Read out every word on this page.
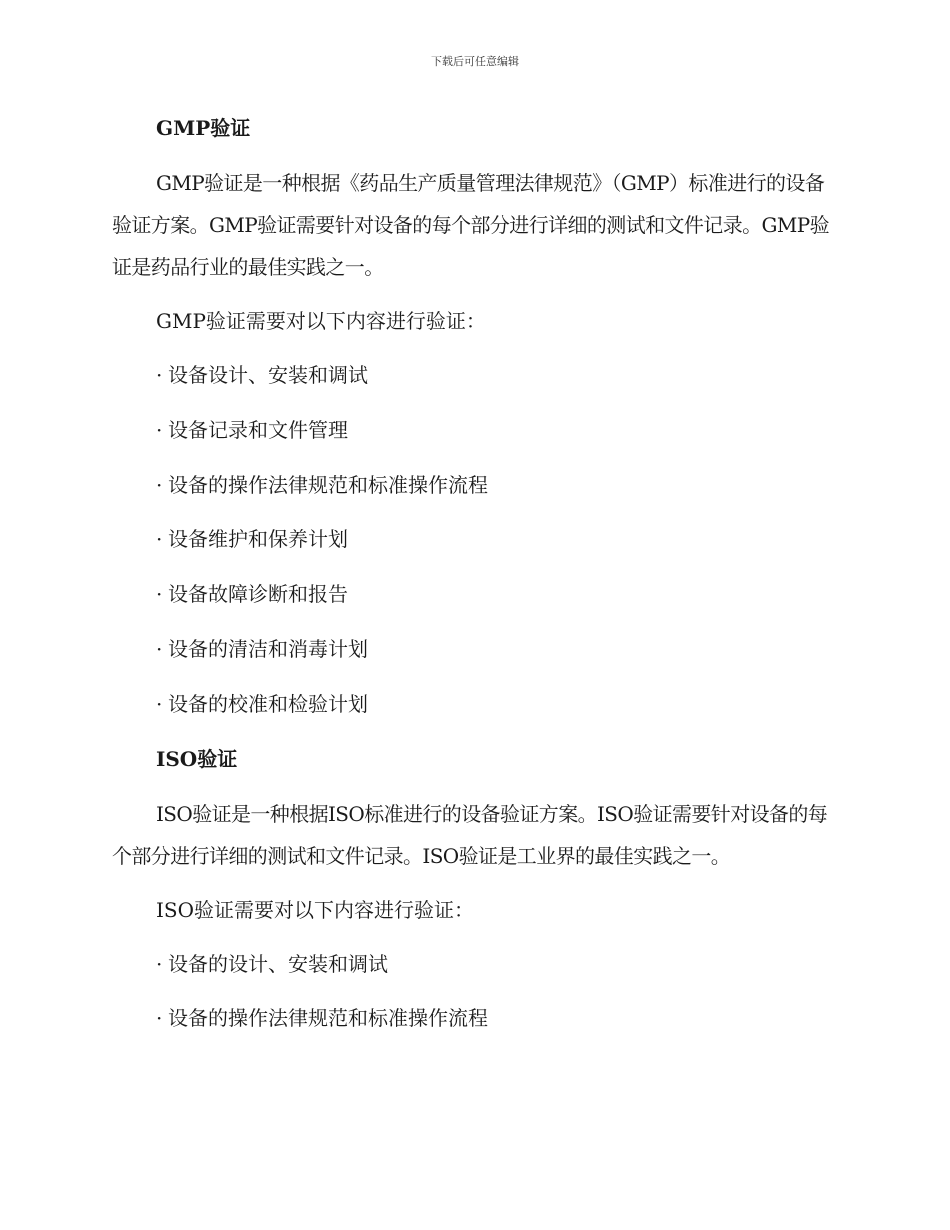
下载后可任意编辑
GMP验证
GMP验证是一种根据《药品生产质量管理法律规范》（GMP）标准进行的设备验证方案。GMP验证需要针对设备的每个部分进行详细的测试和文件记录。GMP验证是药品行业的最佳实践之一。
GMP验证需要对以下内容进行验证：
· 设备设计、安装和调试
· 设备记录和文件管理
· 设备的操作法律规范和标准操作流程
· 设备维护和保养计划
· 设备故障诊断和报告
· 设备的清洁和消毒计划
· 设备的校准和检验计划
ISO验证
ISO验证是一种根据ISO标准进行的设备验证方案。ISO验证需要针对设备的每个部分进行详细的测试和文件记录。ISO验证是工业界的最佳实践之一。
ISO验证需要对以下内容进行验证：
· 设备的设计、安装和调试
· 设备的操作法律规范和标准操作流程
